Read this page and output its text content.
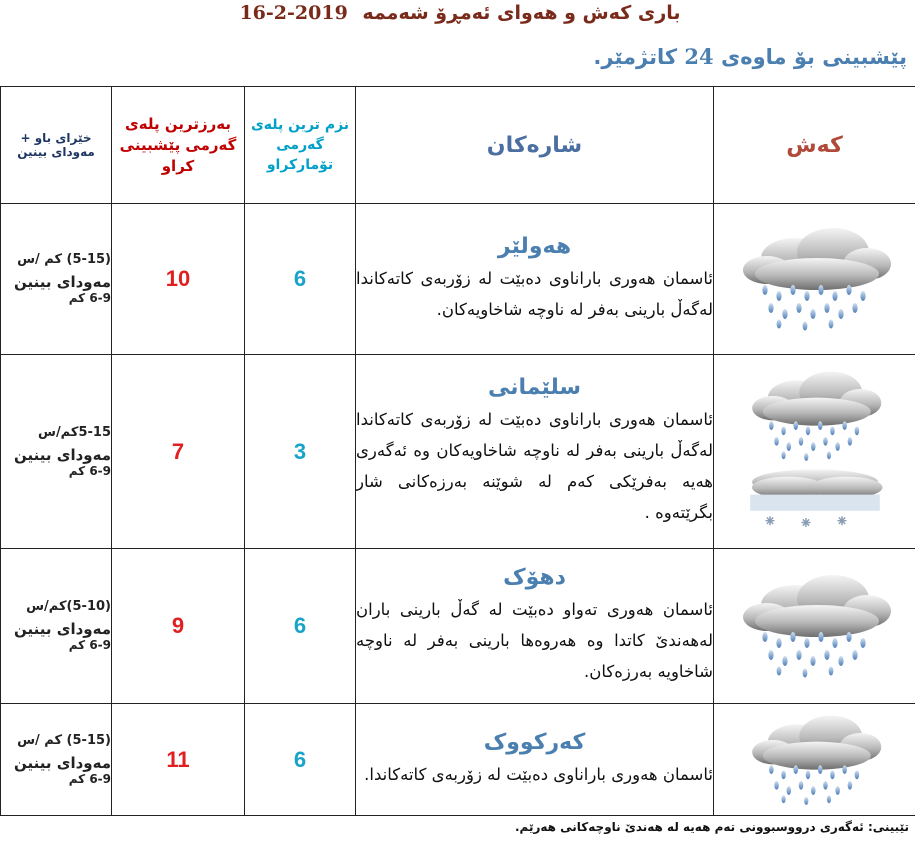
باری کەش و هەوای ئەمڕۆ شەممە 2019-2-16
پێشبینی بۆ ماوەی 24 کاتژمێر.
خێرای باو + مەودای بینین	بەرزترین پلەی گەرمی پێشبینی کراو	نزم ترین پلەی گەرمی تۆمارکراو	شارەکان	کەش
(5-15) کم /س
مەودای بینین
6-9 کم	10	6	هەولێر
ئاسمان هەوری باراناوی دەبێت لە زۆربەی کاتەکاندا لەگەڵ بارینی بەفر لە ناوچە شاخاویەکان.

5-15کم/س
مەودای بینین
6-9 کم	7	3	سلێمانی
ئاسمان هەوری باراناوی دەبێت لە زۆربەی کاتەکاندا لەگەڵ بارینی بەفر لە ناوچە شاخاویەکان وە ئەگەری هەیە بەفرێکی کەم لە شوێنە بەرزەکانی شار بگرێتەوە .

(5-10)کم/س
مەودای بینین
6-9 کم	9	6	دهۆک
ئاسمان هەوری تەواو دەبێت لە گەڵ بارینی باران لەهەندێ کاتدا وە هەروەها بارینی بەفر لە ناوچە شاخاویە بەرزەکان.

(5-15) کم /س
مەودای بینین
6-9 کم	11	6	کەرکووک
ئاسمان هەوری باراناوی دەبێت لە زۆربەی کاتەکاندا.

تێبینی: ئەگەری درووسبوونی تەم هەیە لە هەندێ ناوچەکانی هەرێم.
